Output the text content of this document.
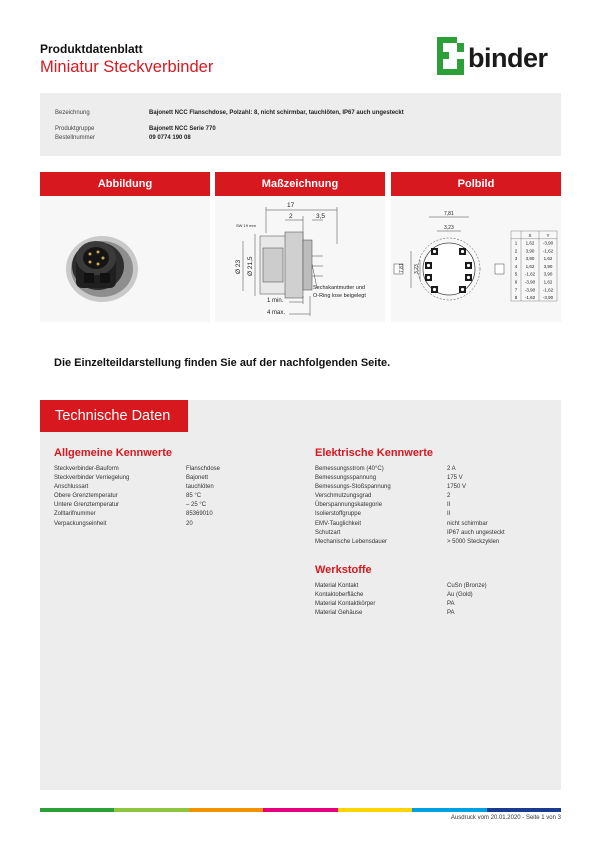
Produktdatenblatt
Miniatur Steckverbinder	binder
Bezeichnung	Bajonett NCC Flanschdose, Polzahl: 8, nicht schirmbar, tauchlöten, IP67 auch ungesteckt
Produktgruppe	Bajonett NCC Serie 770
Bestellnummer	09 0774 190 08
Abbildung	Maßzeichnung
17
2	3,5
SW 19 mm
Ø 23 Ø 21,5
1 min.
4 max.
Sechskantmutter und
O-Ring lose beigelegt
Polbild
7,81
3,23
7,81 3,23
X	Y
1 1,62 -3,90
2 3,90 -1,62
3 3,90 1,62
4 1,62 3,90
5 -1,62 3,90
6 -3,90 1,62
7 -3,90 -1,62
8 -1,62 -3,90
Die Einzelteildarstellung finden Sie auf der nachfolgenden Seite.
Technische Daten
Allgemeine Kennwerte
Steckverbinder-Bauform	Flanschdose
Steckverbinder Verriegelung	Bajonett
Anschlussart	tauchlöten
Obere Grenztemperatur	85 °C
Untere Grenztemperatur	– 25 °C
Zolltarifnummer	85369010
Verpackungseinheit	20
Elektrische Kennwerte
Bemessungsstrom (40°C)	2 A
Bemessungsspannung	175 V
Bemessungs-Stoßspannung	1750 V
Verschmutzungsgrad	2
Überspannungskategorie	II
Isolierstoffgruppe	II
EMV-Tauglichkeit	nicht schirmbar
Schutzart	IP67 auch ungesteckt
Mechanische Lebensdauer	> 5000 Steckzyklen
Werkstoffe
Material Kontakt	CuSn (Bronze)
Kontaktoberfläche	Au (Gold)
Material Kontaktkörper	PA
Material Gehäuse	PA
Ausdruck vom 20.01.2020 - Seite 1 von 3
